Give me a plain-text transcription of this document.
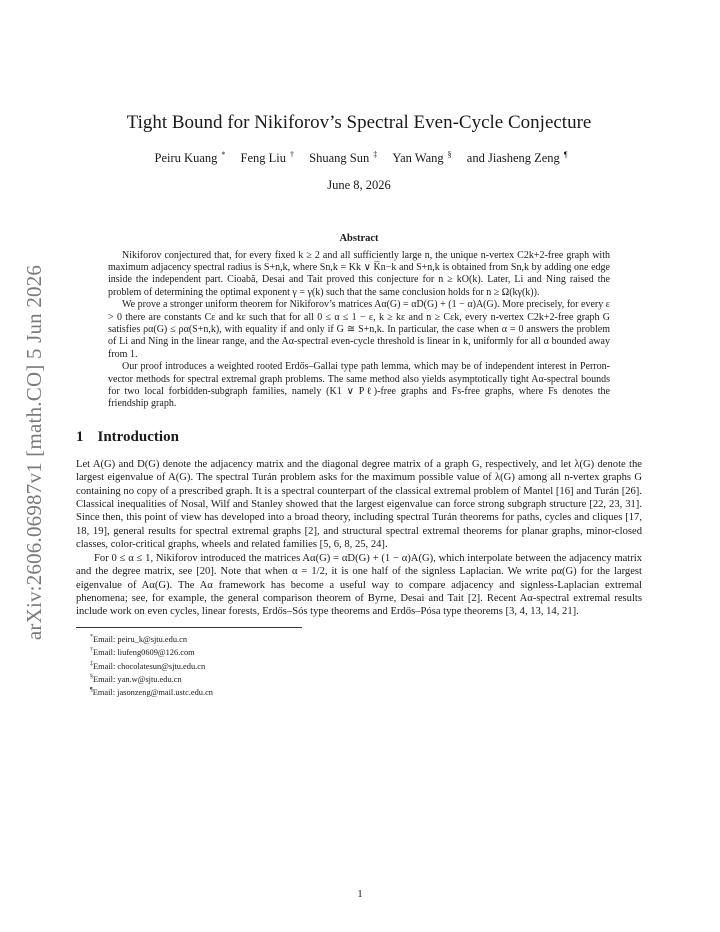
arXiv:2606.06987v1 [math.CO] 5 Jun 2026
Tight Bound for Nikiforov’s Spectral Even-Cycle Conjecture
Peiru Kuang * Feng Liu † Shuang Sun ‡ Yan Wang § and Jiasheng Zeng ¶
June 8, 2026
Abstract

Nikiforov conjectured that, for every fixed k ≥ 2 and all sufficiently large n, the unique n-vertex C2k+2-free graph with maximum adjacency spectral radius is S+n,k, where Sn,k = Kk ∨ K̅n−k and S+n,k is obtained from Sn,k by adding one edge inside the independent part. Cioabă, Desai and Tait proved this conjecture for n ≥ kO(k). Later, Li and Ning raised the problem of determining the optimal exponent γ = γ(k) such that the same conclusion holds for n ≥ Ω(kγ(k)).

We prove a stronger uniform theorem for Nikiforov’s matrices Aα(G) = αD(G) + (1 − α)A(G). More precisely, for every ε > 0 there are constants Cε and kε such that for all 0 ≤ α ≤ 1 − ε, k ≥ kε and n ≥ Cεk, every n-vertex C2k+2-free graph G satisfies ρα(G) ≤ ρα(S+n,k), with equality if and only if G ≅ S+n,k. In particular, the case when α = 0 answers the problem of Li and Ning in the linear range, and the Aα-spectral even-cycle threshold is linear in k, uniformly for all α bounded away from 1.

Our proof introduces a weighted rooted Erdős–Gallai type path lemma, which may be of independent interest in Perron-vector methods for spectral extremal graph problems. The same method also yields asymptotically tight Aα-spectral bounds for two local forbidden-subgraph families, namely (K1 ∨ Pℓ)-free graphs and Fs-free graphs, where Fs denotes the friendship graph.

1 Introduction

Let A(G) and D(G) denote the adjacency matrix and the diagonal degree matrix of a graph G, respectively, and let λ(G) denote the largest eigenvalue of A(G). The spectral Turán problem asks for the maximum possible value of λ(G) among all n-vertex graphs G containing no copy of a prescribed graph. It is a spectral counterpart of the classical extremal problem of Mantel [16] and Turán [26]. Classical inequalities of Nosal, Wilf and Stanley showed that the largest eigenvalue can force strong subgraph structure [22, 23, 31]. Since then, this point of view has developed into a broad theory, including spectral Turán theorems for paths, cycles and cliques [17, 18, 19], general results for spectral extremal graphs [2], and structural spectral extremal theorems for planar graphs, minor-closed classes, color-critical graphs, wheels and related families [5, 6, 8, 25, 24].

For 0 ≤ α ≤ 1, Nikiforov introduced the matrices Aα(G) = αD(G) + (1 − α)A(G), which interpolate between the adjacency matrix and the degree matrix, see [20]. Note that when α = 1/2, it is one half of the signless Laplacian. We write ρα(G) for the largest eigenvalue of Aα(G). The Aα framework has become a useful way to compare adjacency and signless-Laplacian extremal phenomena; see, for example, the general comparison theorem of Byrne, Desai and Tait [2]. Recent Aα-spectral extremal results include work on even cycles, linear forests, Erdős–Sós type theorems and Erdős–Pósa type theorems [3, 4, 13, 14, 21].

*Email: peiru_k@sjtu.edu.cn
†Email: liufeng0609@126.com
‡Email: chocolatesun@sjtu.edu.cn
§Email: yan.w@sjtu.edu.cn
¶Email: jasonzeng@mail.ustc.edu.cn
1
